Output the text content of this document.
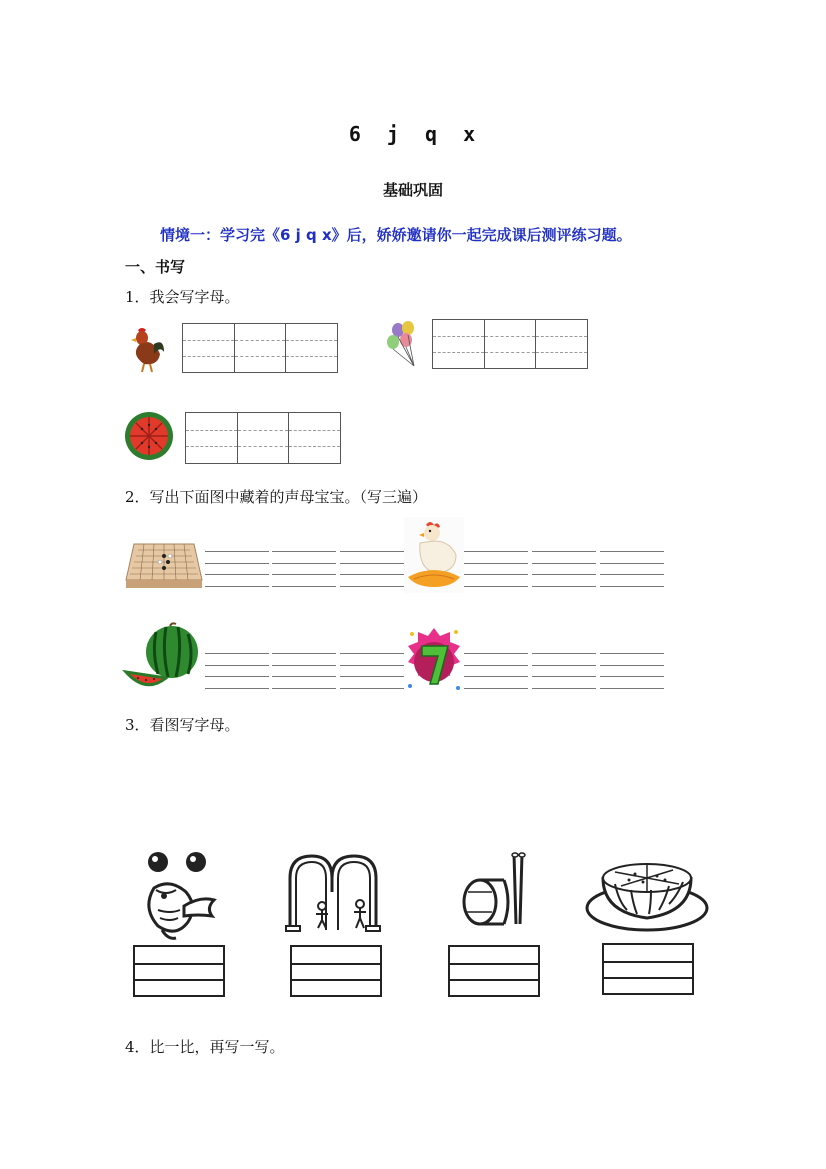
6 j q x
基础巩固
情境一：学习完《6 j q x》后，娇娇邀请你一起完成课后测评练习题。
一、书写
1．我会写字母。
2．写出下面图中藏着的声母宝宝。（写三遍）
3．看图写字母。
4．比一比，再写一写。
